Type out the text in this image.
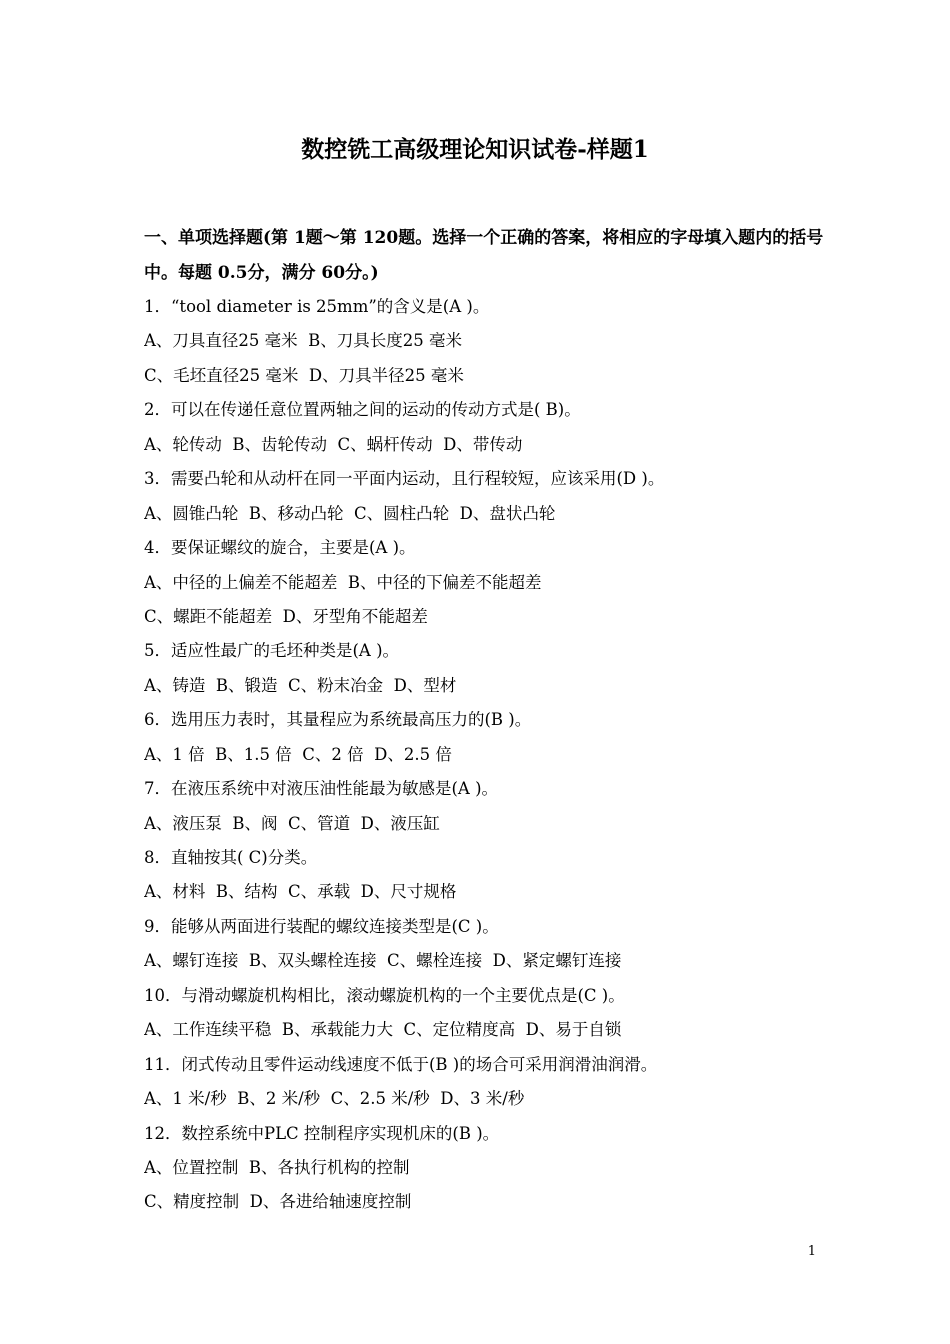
数控铣工高级理论知识试卷-样题1
一、单项选择题(第 1题～第 120题。选择一个正确的答案，将相应的字母填入题内的括号中。每题 0.5分，满分 60分。)
1．“tool diameter is 25mm”的含义是(A )。
A、刀具直径25 毫米  B、刀具长度25 毫米
C、毛坯直径25 毫米  D、刀具半径25 毫米
2．可以在传递任意位置两轴之间的运动的传动方式是( B)。
A、轮传动  B、齿轮传动  C、蜗杆传动  D、带传动
3．需要凸轮和从动杆在同一平面内运动，且行程较短，应该采用(D )。
A、圆锥凸轮  B、移动凸轮  C、圆柱凸轮  D、盘状凸轮
4．要保证螺纹的旋合，主要是(A )。
A、中径的上偏差不能超差  B、中径的下偏差不能超差
C、螺距不能超差  D、牙型角不能超差
5．适应性最广的毛坯种类是(A )。
A、铸造  B、锻造  C、粉末冶金  D、型材
6．选用压力表时，其量程应为系统最高压力的(B )。
A、1 倍  B、1.5 倍  C、2 倍  D、2.5 倍
7．在液压系统中对液压油性能最为敏感是(A )。
A、液压泵  B、阀  C、管道  D、液压缸
8．直轴按其( C)分类。
A、材料  B、结构  C、承载  D、尺寸规格
9．能够从两面进行装配的螺纹连接类型是(C )。
A、螺钉连接  B、双头螺栓连接  C、螺栓连接  D、紧定螺钉连接
10．与滑动螺旋机构相比，滚动螺旋机构的一个主要优点是(C )。
A、工作连续平稳  B、承载能力大  C、定位精度高  D、易于自锁
11．闭式传动且零件运动线速度不低于(B )的场合可采用润滑油润滑。
A、1 米/秒  B、2 米/秒  C、2.5 米/秒  D、3 米/秒
12．数控系统中PLC 控制程序实现机床的(B )。
A、位置控制  B、各执行机构的控制
C、精度控制  D、各进给轴速度控制
1
